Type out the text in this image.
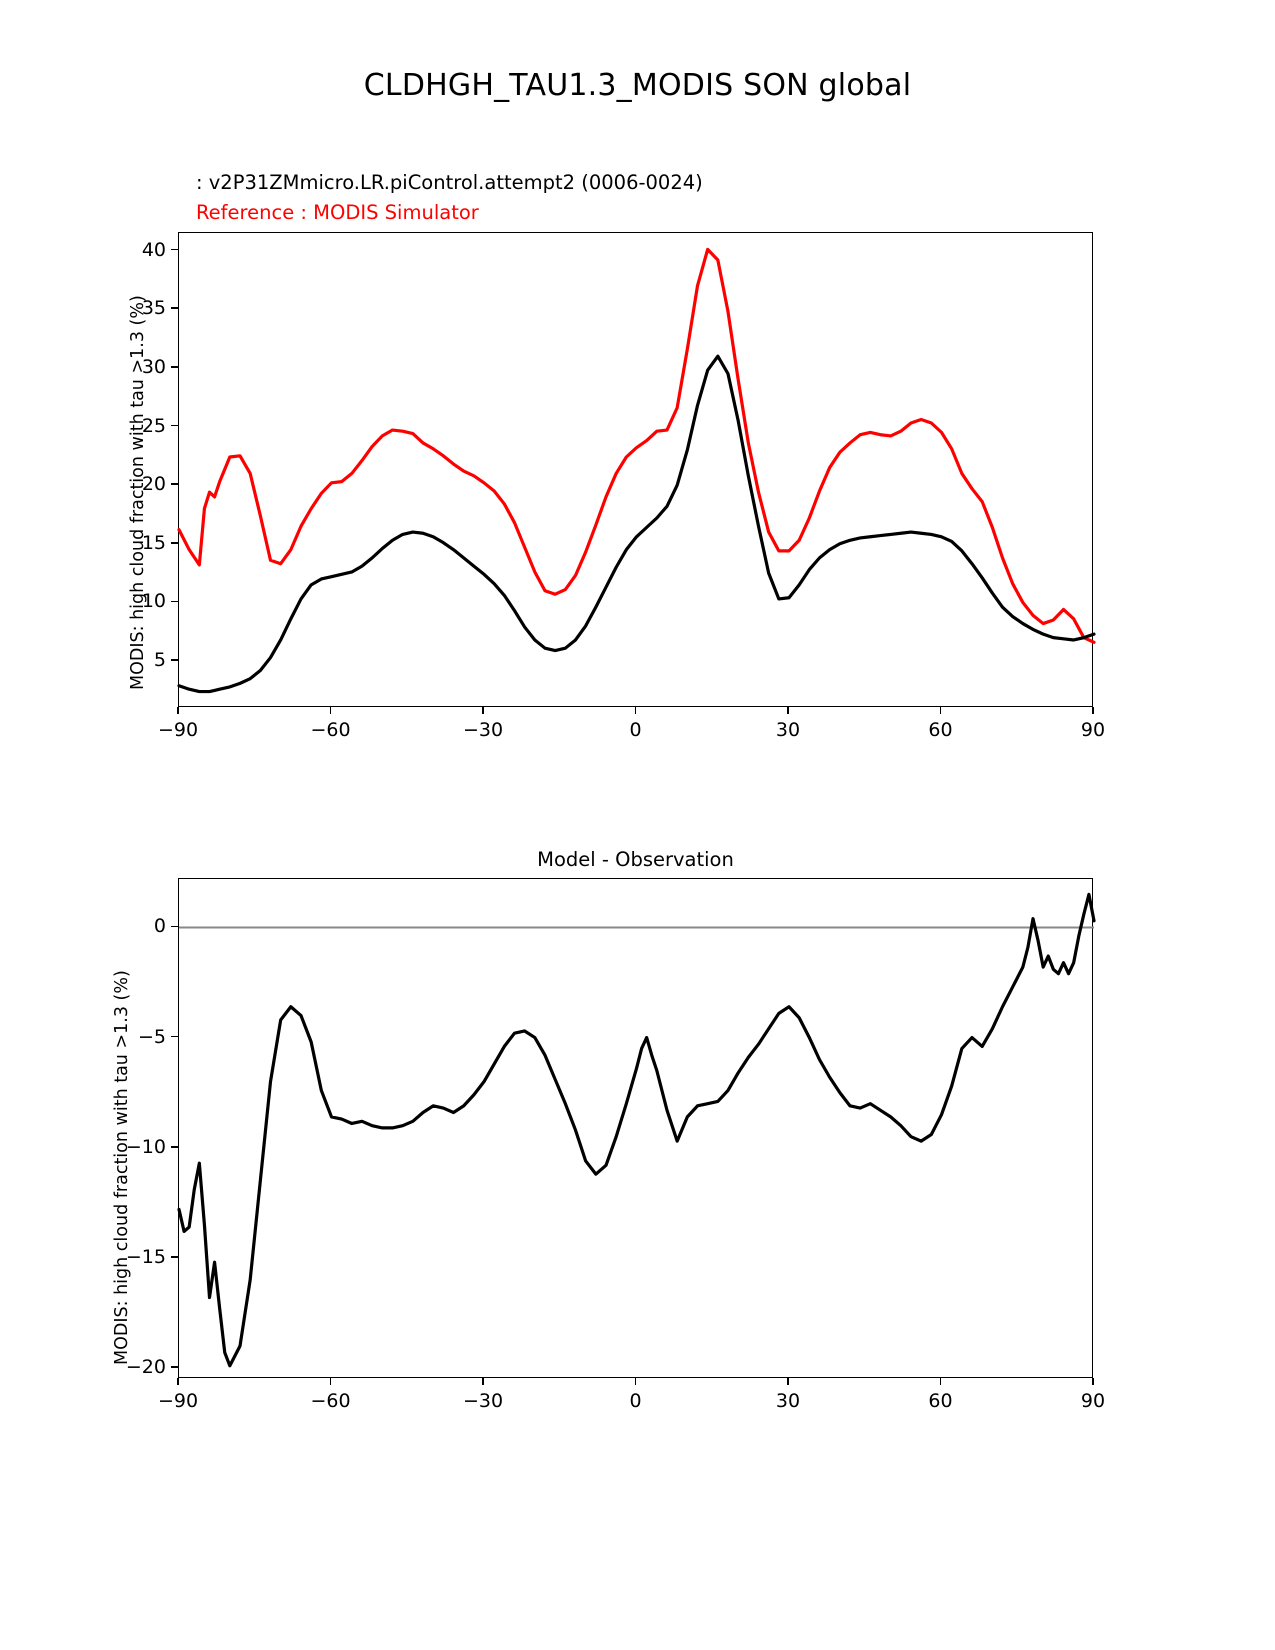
CLDHGH_TAU1.3_MODIS SON global
: v2P31ZMmicro.LR.piControl.attempt2 (0006-0024)
Reference : MODIS Simulator
MODIS: high cloud fraction with tau >1.3 (%)
−90	−60	−30	0	30	60	90
5
10
15
20
25
30
35
40
Model - Observation
MODIS: high cloud fraction with tau >1.3 (%)
−90	−60	−30	0	30	60	90
0
−5
−10
−15
−20
